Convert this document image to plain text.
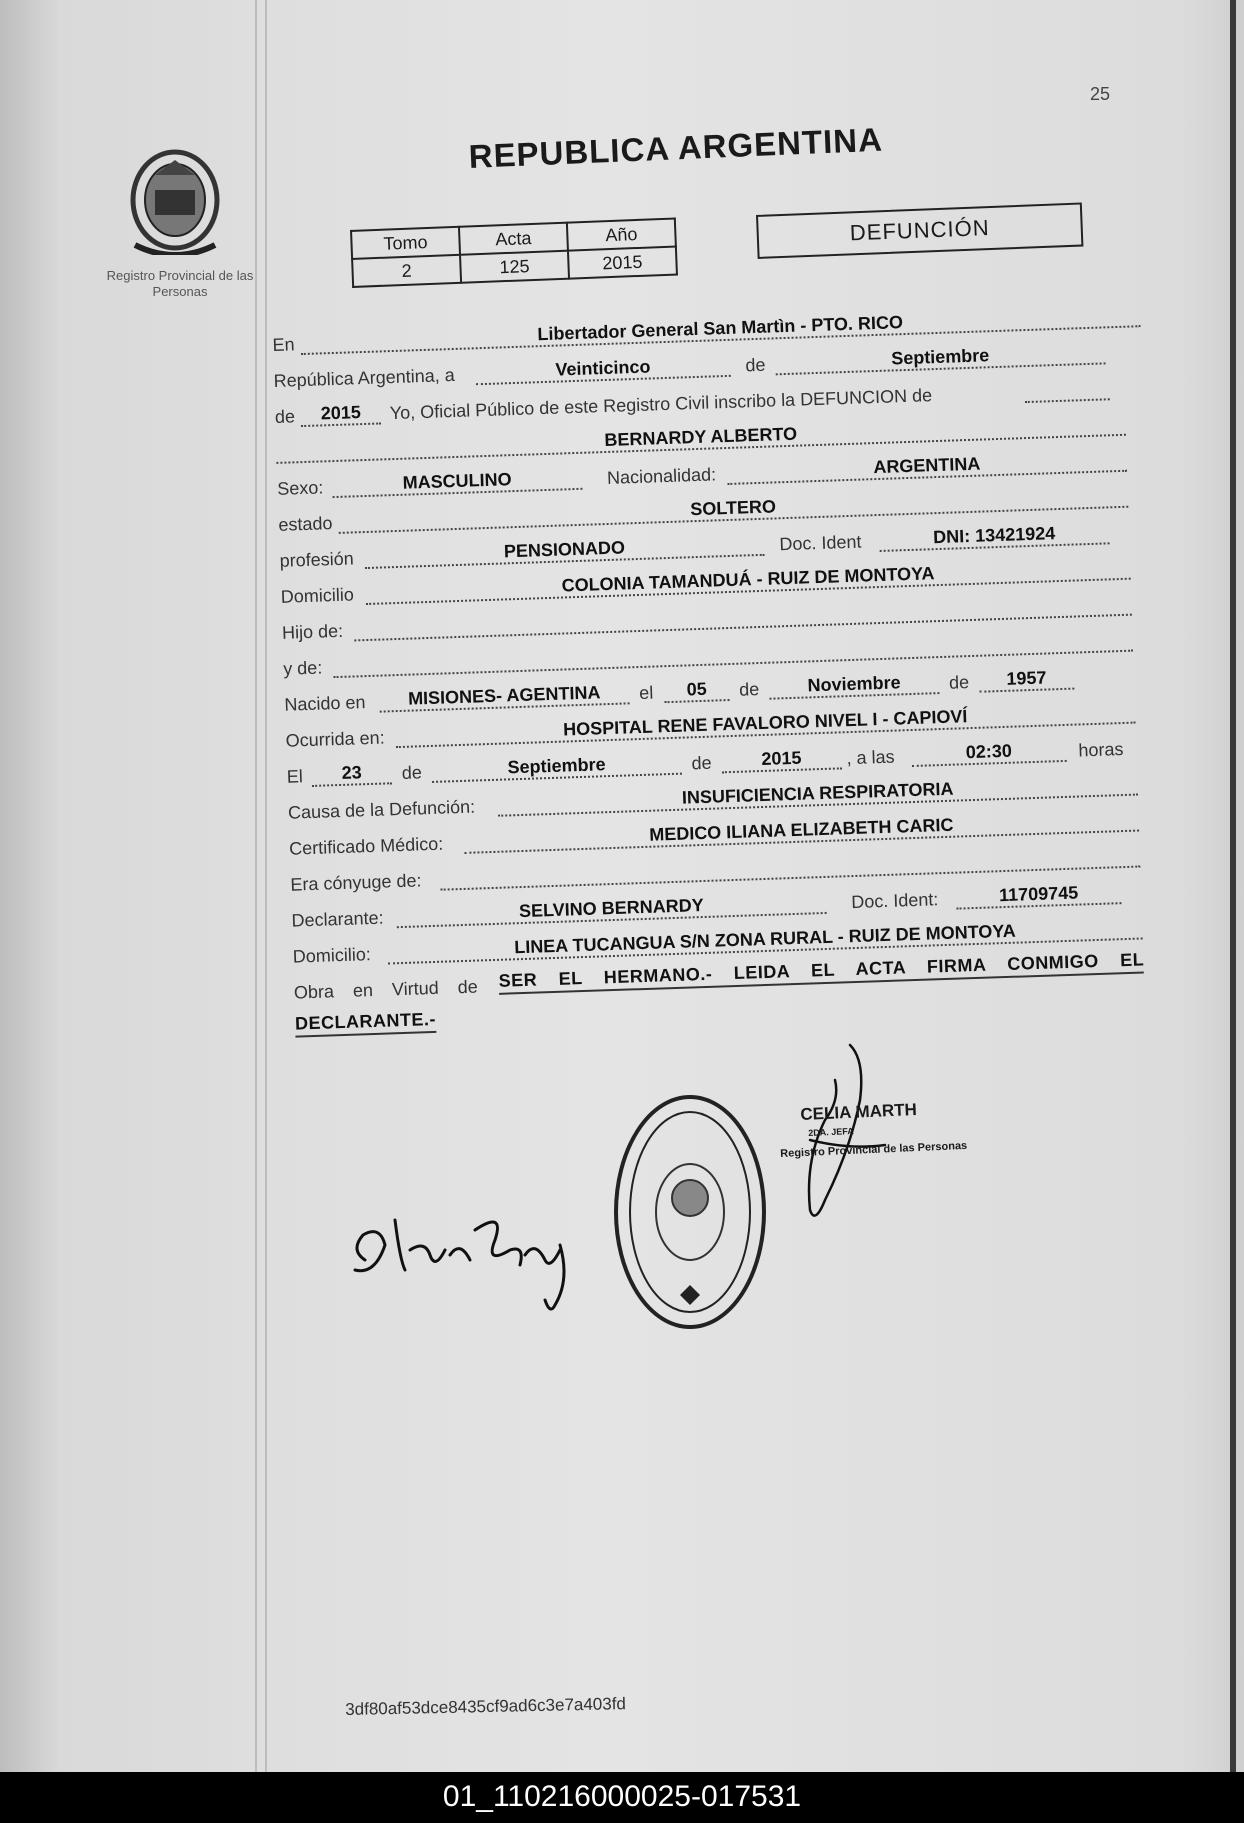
25
Registro Provincial de las Personas
REPUBLICA ARGENTINA
Tomo	Acta	Año
2	125	2015
DEFUNCIÓN
En
Libertador General San Martìn - PTO. RICO
República Argentina, a	Veinticinco	de	Septiembre
de	2015	Yo, Oficial Público de este Registro Civil inscribo la DEFUNCION de
BERNARDY ALBERTO
Sexo:	MASCULINO	Nacionalidad:	ARGENTINA
estado
SOLTERO
profesión	PENSIONADO	Doc. Ident	DNI: 13421924
Domicilio
COLONIA TAMANDUÁ - RUIZ DE MONTOYA
Hijo de:
y de:
Nacido en	MISIONES- AGENTINA	el	05	de	Noviembre	de	1957
Ocurrida en:	HOSPITAL RENE FAVALORO NIVEL I - CAPIOVÍ
El	23	de	Septiembre	de	2015	, a las	02:30	horas
Causa de la Defunción:
INSUFICIENCIA RESPIRATORIA
Certificado Médico:
MEDICO ILIANA ELIZABETH CARIC
Era cónyuge de:
Declarante:	SELVINO BERNARDY	Doc. Ident:	11709745
Domicilio:	LINEA TUCANGUA S/N ZONA RURAL - RUIZ DE MONTOYA
Obra en Virtud de SER EL HERMANO.- LEIDA EL ACTA FIRMA CONMIGO EL
DECLARANTE.-
CELIA MARTH
2DA. JEFA
Registro Provincial de las Personas
3df80af53dce8435cf9ad6c3e7a403fd
01_110216000025-017531
